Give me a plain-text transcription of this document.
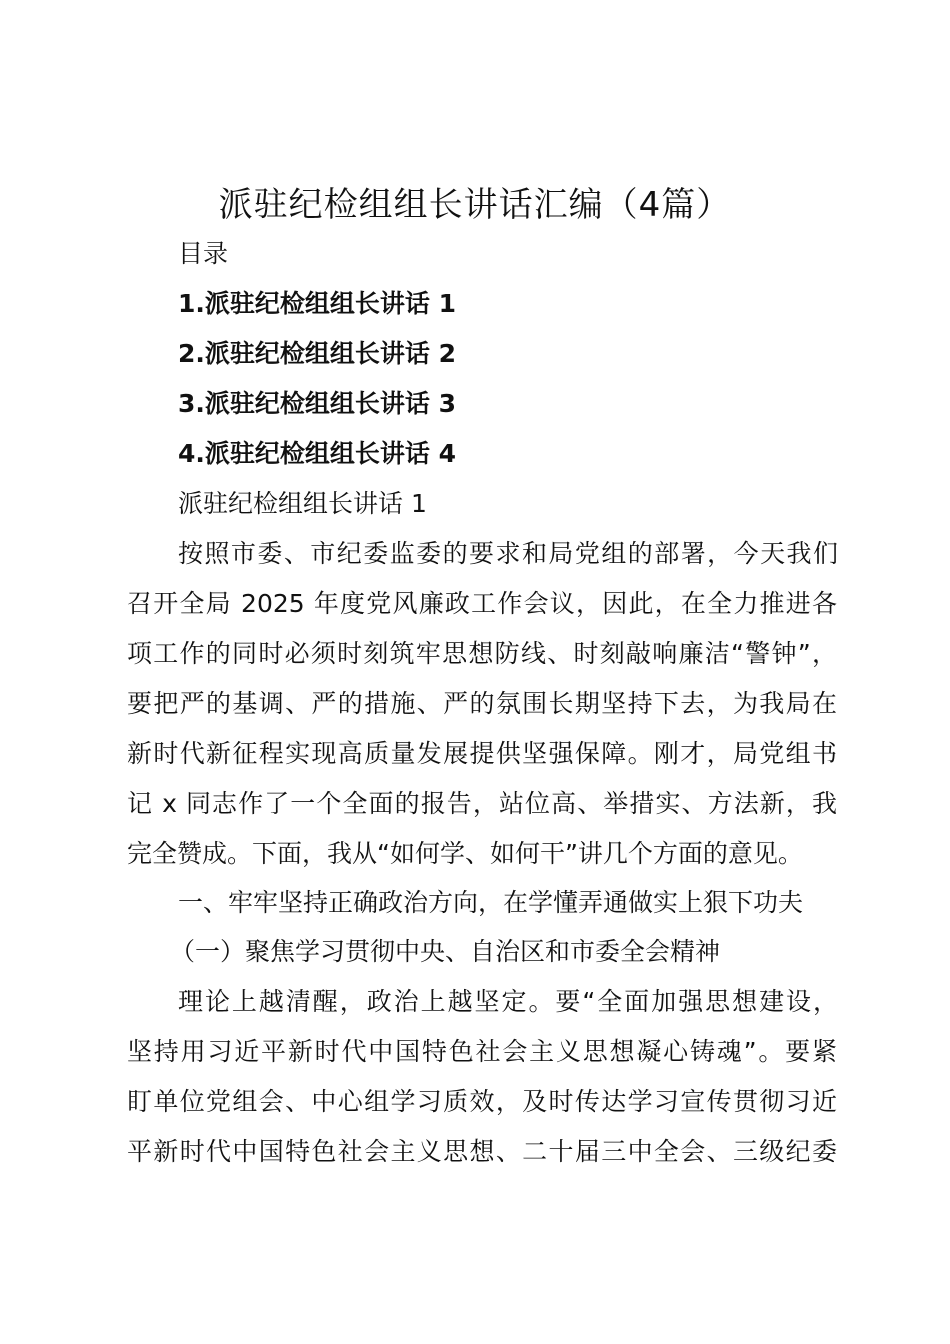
派驻纪检组组长讲话汇编（4篇）
目录
1.派驻纪检组组长讲话 1
2.派驻纪检组组长讲话 2
3.派驻纪检组组长讲话 3
4.派驻纪检组组长讲话 4
派驻纪检组组长讲话 1
按照市委、市纪委监委的要求和局党组的部署，今天我们
召开全局 2025 年度党风廉政工作会议，因此，在全力推进各
项工作的同时必须时刻筑牢思想防线、时刻敲响廉洁“警钟”，
要把严的基调、严的措施、严的氛围长期坚持下去，为我局在
新时代新征程实现高质量发展提供坚强保障。刚才，局党组书
记 x 同志作了一个全面的报告，站位高、举措实、方法新，我
完全赞成。下面，我从“如何学、如何干”讲几个方面的意见。
一、牢牢坚持正确政治方向，在学懂弄通做实上狠下功夫
（一）聚焦学习贯彻中央、自治区和市委全会精神
理论上越清醒，政治上越坚定。要“全面加强思想建设，
坚持用习近平新时代中国特色社会主义思想凝心铸魂”。要紧
盯单位党组会、中心组学习质效，及时传达学习宣传贯彻习近
平新时代中国特色社会主义思想、二十届三中全会、三级纪委
